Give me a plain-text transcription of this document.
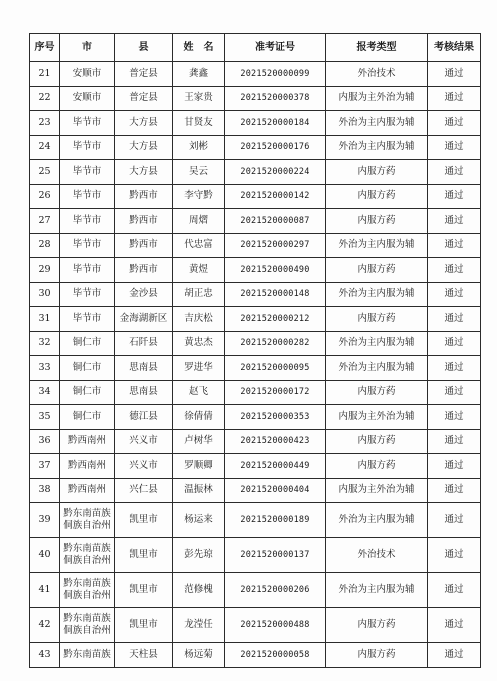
序号	市	县	姓　名	准考证号	报考类型	考核结果
21	安顺市	普定县	龚鑫	2021520000099	外治技术	通过
22	安顺市	普定县	王家贵	2021520000378	内服为主外治为辅	通过
23	毕节市	大方县	甘贤友	2021520000184	外治为主内服为辅	通过
24	毕节市	大方县	刘彬	2021520000176	外治为主内服为辅	通过
25	毕节市	大方县	吴云	2021520000224	内服方药	通过
26	毕节市	黔西市	李守黔	2021520000142	内服方药	通过
27	毕节市	黔西市	周熠	2021520000087	内服方药	通过
28	毕节市	黔西市	代忠富	2021520000297	外治为主内服为辅	通过
29	毕节市	黔西市	黄煜	2021520000490	内服方药	通过
30	毕节市	金沙县	胡正忠	2021520000148	外治为主内服为辅	通过
31	毕节市	金海湖新区	吉庆松	2021520000212	内服方药	通过
32	铜仁市	石阡县	黄忠杰	2021520000282	外治为主内服为辅	通过
33	铜仁市	思南县	罗进华	2021520000095	外治为主内服为辅	通过
34	铜仁市	思南县	赵飞	2021520000172	内服方药	通过
35	铜仁市	德江县	徐倩倩	2021520000353	内服为主外治为辅	通过
36	黔西南州	兴义市	卢树华	2021520000423	内服方药	通过
37	黔西南州	兴义市	罗顺卿	2021520000449	内服方药	通过
38	黔西南州	兴仁县	温振林	2021520000404	内服为主外治为辅	通过
39	黔东南苗族侗族自治州	凯里市	杨运来	2021520000189	外治为主内服为辅	通过
40	黔东南苗族侗族自治州	凯里市	彭先琼	2021520000137	外治技术	通过
41	黔东南苗族侗族自治州	凯里市	范修槐	2021520000206	外治为主内服为辅	通过
42	黔东南苗族侗族自治州	凯里市	龙滢任	2021520000488	内服方药	通过
43	黔东南苗族	天柱县	杨远菊	2021520000058	内服方药	通过
